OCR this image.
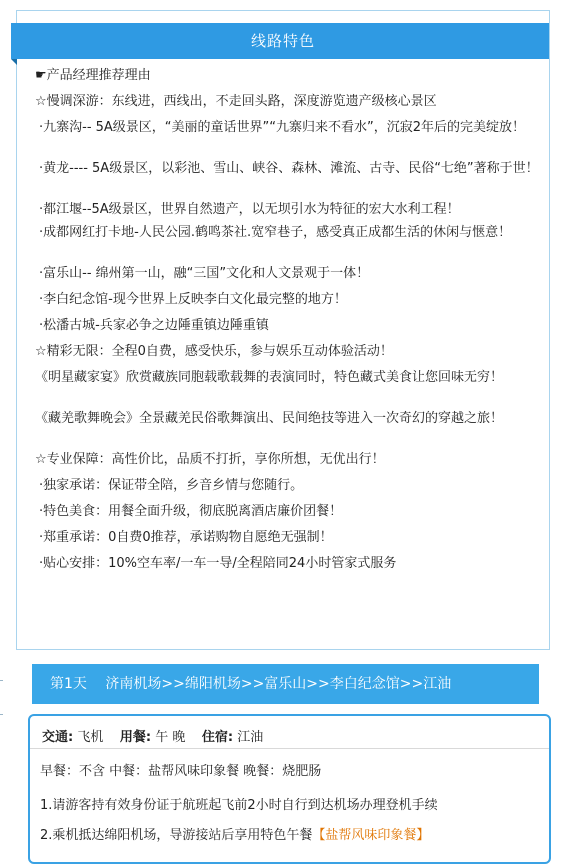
线路特色
☛产品经理推荐理由
☆慢调深游：东线进，西线出，不走回头路，深度游览遗产级核心景区
·九寨沟-- 5A级景区，“美丽的童话世界”“九寨归来不看水”，沉寂2年后的完美绽放！
·黄龙---- 5A级景区，以彩池、雪山、峡谷、森林、滩流、古寺、民俗“七绝”著称于世！
·都江堰--5A级景区，世界自然遗产，以无坝引水为特征的宏大水利工程！
·成都网红打卡地-人民公园.鹤鸣茶社.宽窄巷子，感受真正成都生活的休闲与惬意！
·富乐山-- 绵州第一山，融“三国”文化和人文景观于一体！
·李白纪念馆-现今世界上反映李白文化最完整的地方！
·松潘古城-兵家必争之边陲重镇边陲重镇
☆精彩无限：全程0自费，感受快乐，参与娱乐互动体验活动！
《明星藏家宴》欣赏藏族同胞载歌载舞的表演同时，特色藏式美食让您回味无穷！
《藏羌歌舞晚会》全景藏羌民俗歌舞演出、民间绝技等进入一次奇幻的穿越之旅！
☆专业保障：高性价比，品质不打折，享你所想，无优出行！
·独家承诺：保证带全陪，乡音乡情与您随行。
·特色美食：用餐全面升级，彻底脱离酒店廉价团餐！
·郑重承诺：0自费0推荐，承诺购物自愿绝无强制！
·贴心安排：10%空车率/一车一导/全程陪同24小时管家式服务
第1天 济南机场>>绵阳机场>>富乐山>>李白纪念馆>>江油
交通: 飞机 用餐: 午 晚 住宿: 江油
早餐：不含 中餐：盐帮风味印象餐 晚餐：烧肥肠
1.请游客持有效身份证于航班起飞前2小时自行到达机场办理登机手续
2.乘机抵达绵阳机场，导游接站后享用特色午餐【盐帮风味印象餐】
